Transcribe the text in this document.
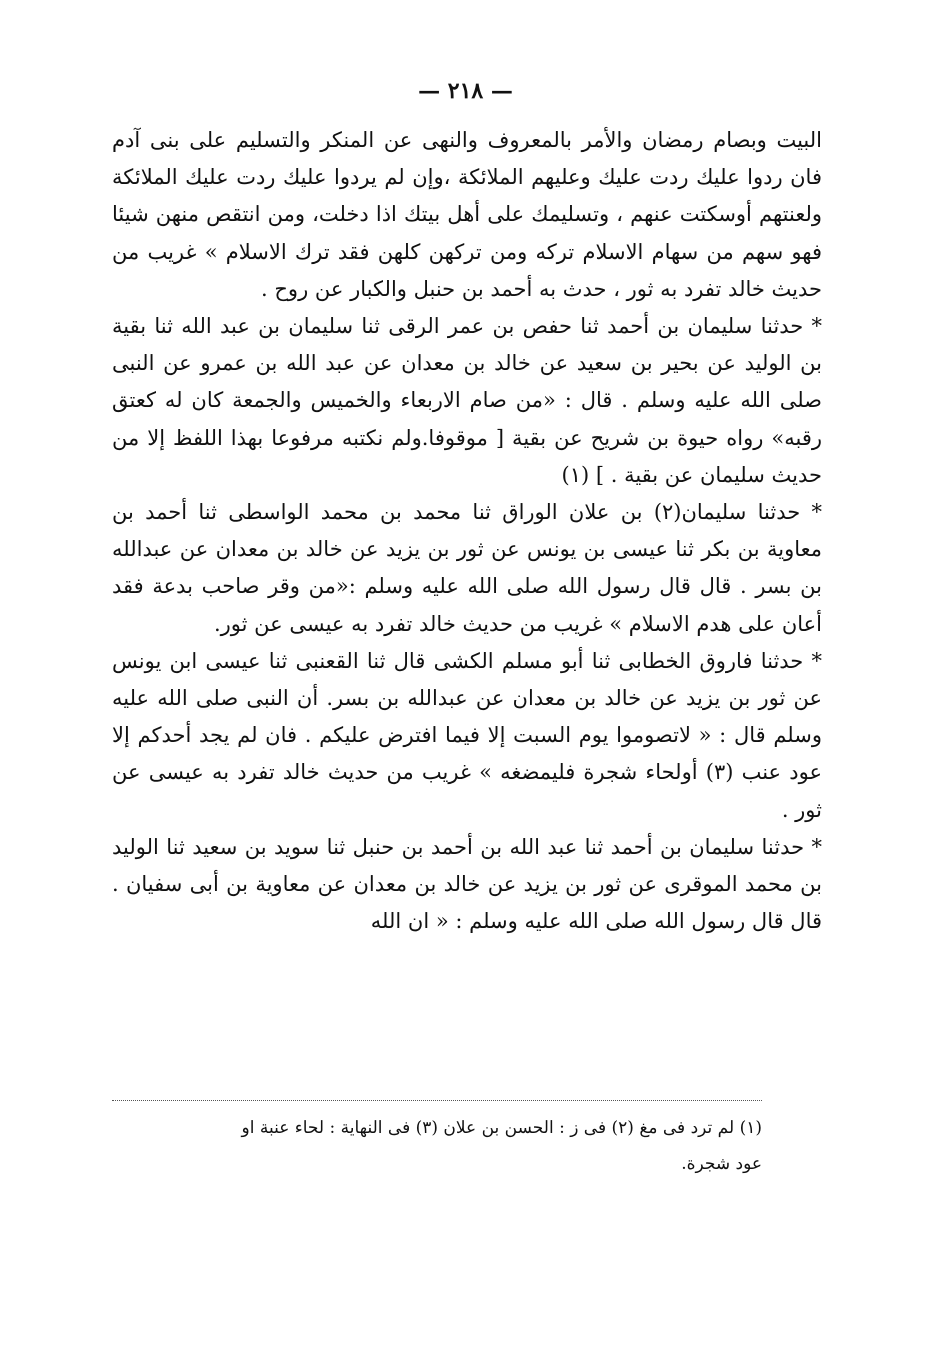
— ٢١٨ —

البيت وبصام رمضان والأمر بالمعروف والنهى عن المنكر والتسليم على بنى آدم فان ردوا عليك ردت عليك وعليهم الملائكة ،وإن لم يردوا عليك ردت عليك الملائكة ولعنتهم أوسكتت عنهم ، وتسليمك على أهل بيتك اذا دخلت، ومن انتقص منهن شيئا فهو سهم من سهام الاسلام تركه ومن تركهن كلهن فقد ترك الاسلام » غريب من حديث خالد تفرد به ثور ، حدث به أحمد بن حنبل والكبار عن روح .

* حدثنا سليمان بن أحمد ثنا حفص بن عمر الرقى ثنا سليمان بن عبد الله ثنا بقية بن الوليد عن بحير بن سعيد عن خالد بن معدان عن عبد الله بن عمرو عن النبى صلى الله عليه وسلم . قال : «من صام الاربعاء والخميس والجمعة كان له كعتق رقبه» رواه حيوة بن شريح عن بقية [ موقوفا.ولم نكتبه مرفوعا بهذا اللفظ إلا من حديث سليمان عن بقية . ] (١)

* حدثنا سليمان(٢) بن علان الوراق ثنا محمد بن محمد الواسطى ثنا أحمد بن معاوية بن بكر ثنا عيسى بن يونس عن ثور بن يزيد عن خالد بن معدان عن عبدالله بن بسر . قال قال رسول الله صلى الله عليه وسلم :«من وقر صاحب بدعة فقد أعان على هدم الاسلام » غريب من حديث خالد تفرد به عيسى عن ثور.

* حدثنا فاروق الخطابى ثنا أبو مسلم الكشى قال ثنا القعنبى ثنا عيسى ابن يونس عن ثور بن يزيد عن خالد بن معدان عن عبدالله بن بسر. أن النبى صلى الله عليه وسلم قال : « لاتصوموا يوم السبت إلا فيما افترض عليكم . فان لم يجد أحدكم إلا عود عنب (٣) أولحاء شجرة فليمضغه » غريب من حديث خالد تفرد به عيسى عن ثور .

* حدثنا سليمان بن أحمد ثنا عبد الله بن أحمد بن حنبل ثنا سويد بن سعيد ثنا الوليد بن محمد الموقرى عن ثور بن يزيد عن خالد بن معدان عن معاوية بن أبى سفيان . قال قال رسول الله صلى الله عليه وسلم : « ان الله

(١) لم ترد فى مغ (٢) فى ز : الحسن بن علان (٣) فى النهاية : لحاء عنبة او

عود شجرة.
